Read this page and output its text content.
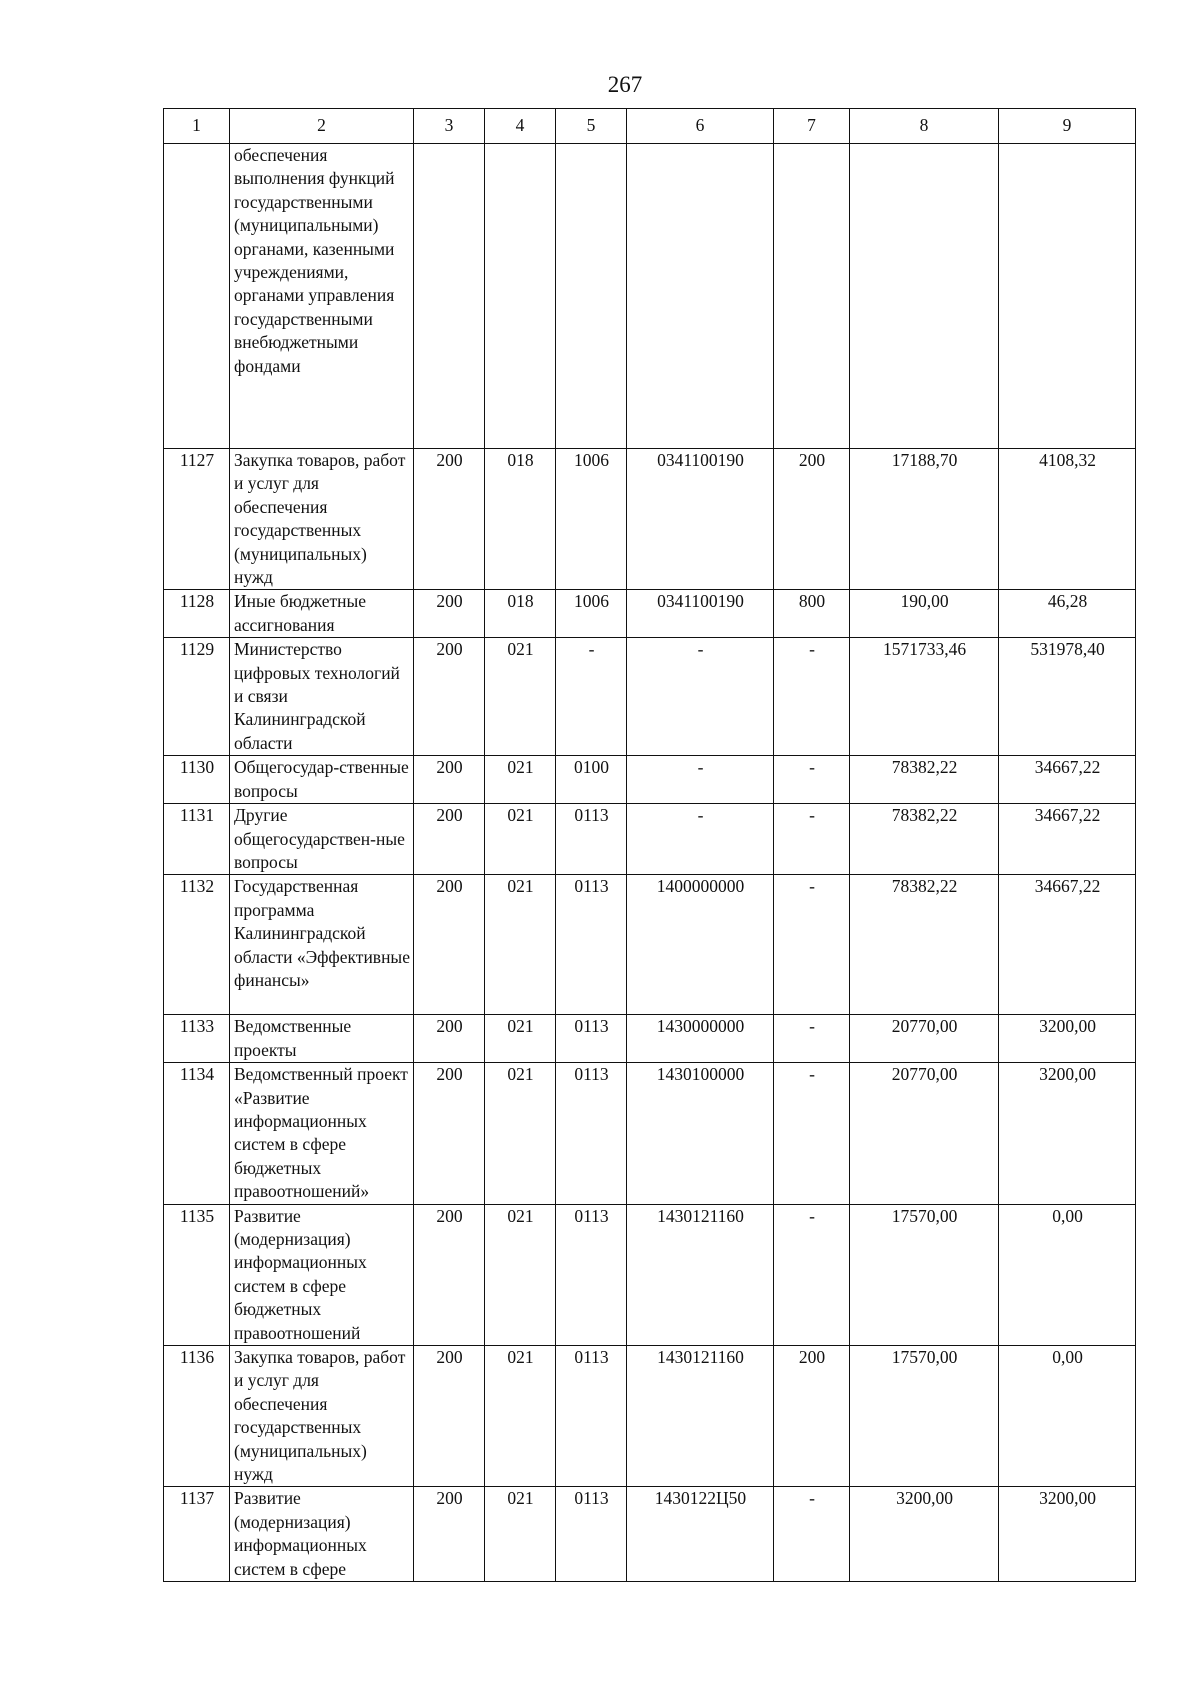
267
1	2	3	4	5	6	7	8	9
	обеспечения выполнения функций государственными (муниципальными) органами, казенными учреждениями, органами управления государственными внебюджетными фондами							
1127	Закупка товаров, работ и услуг для обеспечения государственных (муниципальных) нужд	200	018	1006	0341100190	200	17188,70	4108,32
1128	Иные бюджетные ассигнования	200	018	1006	0341100190	800	190,00	46,28
1129	Министерство цифровых технологий и связи Калининградской области	200	021	-	-	-	1571733,46	531978,40
1130	Общегосудар-ственные вопросы	200	021	0100	-	-	78382,22	34667,22
1131	Другие общегосударствен-ные вопросы	200	021	0113	-	-	78382,22	34667,22
1132	Государственная программа Калининградской области «Эффективные финансы»	200	021	0113	1400000000	-	78382,22	34667,22
1133	Ведомственные проекты	200	021	0113	1430000000	-	20770,00	3200,00
1134	Ведомственный проект «Развитие информационных систем в сфере бюджетных правоотношений»	200	021	0113	1430100000	-	20770,00	3200,00
1135	Развитие (модернизация) информационных систем в сфере бюджетных правоотношений	200	021	0113	1430121160	-	17570,00	0,00
1136	Закупка товаров, работ и услуг для обеспечения государственных (муниципальных) нужд	200	021	0113	1430121160	200	17570,00	0,00
1137	Развитие (модернизация) информационных систем в сфере	200	021	0113	1430122Ц50	-	3200,00	3200,00
